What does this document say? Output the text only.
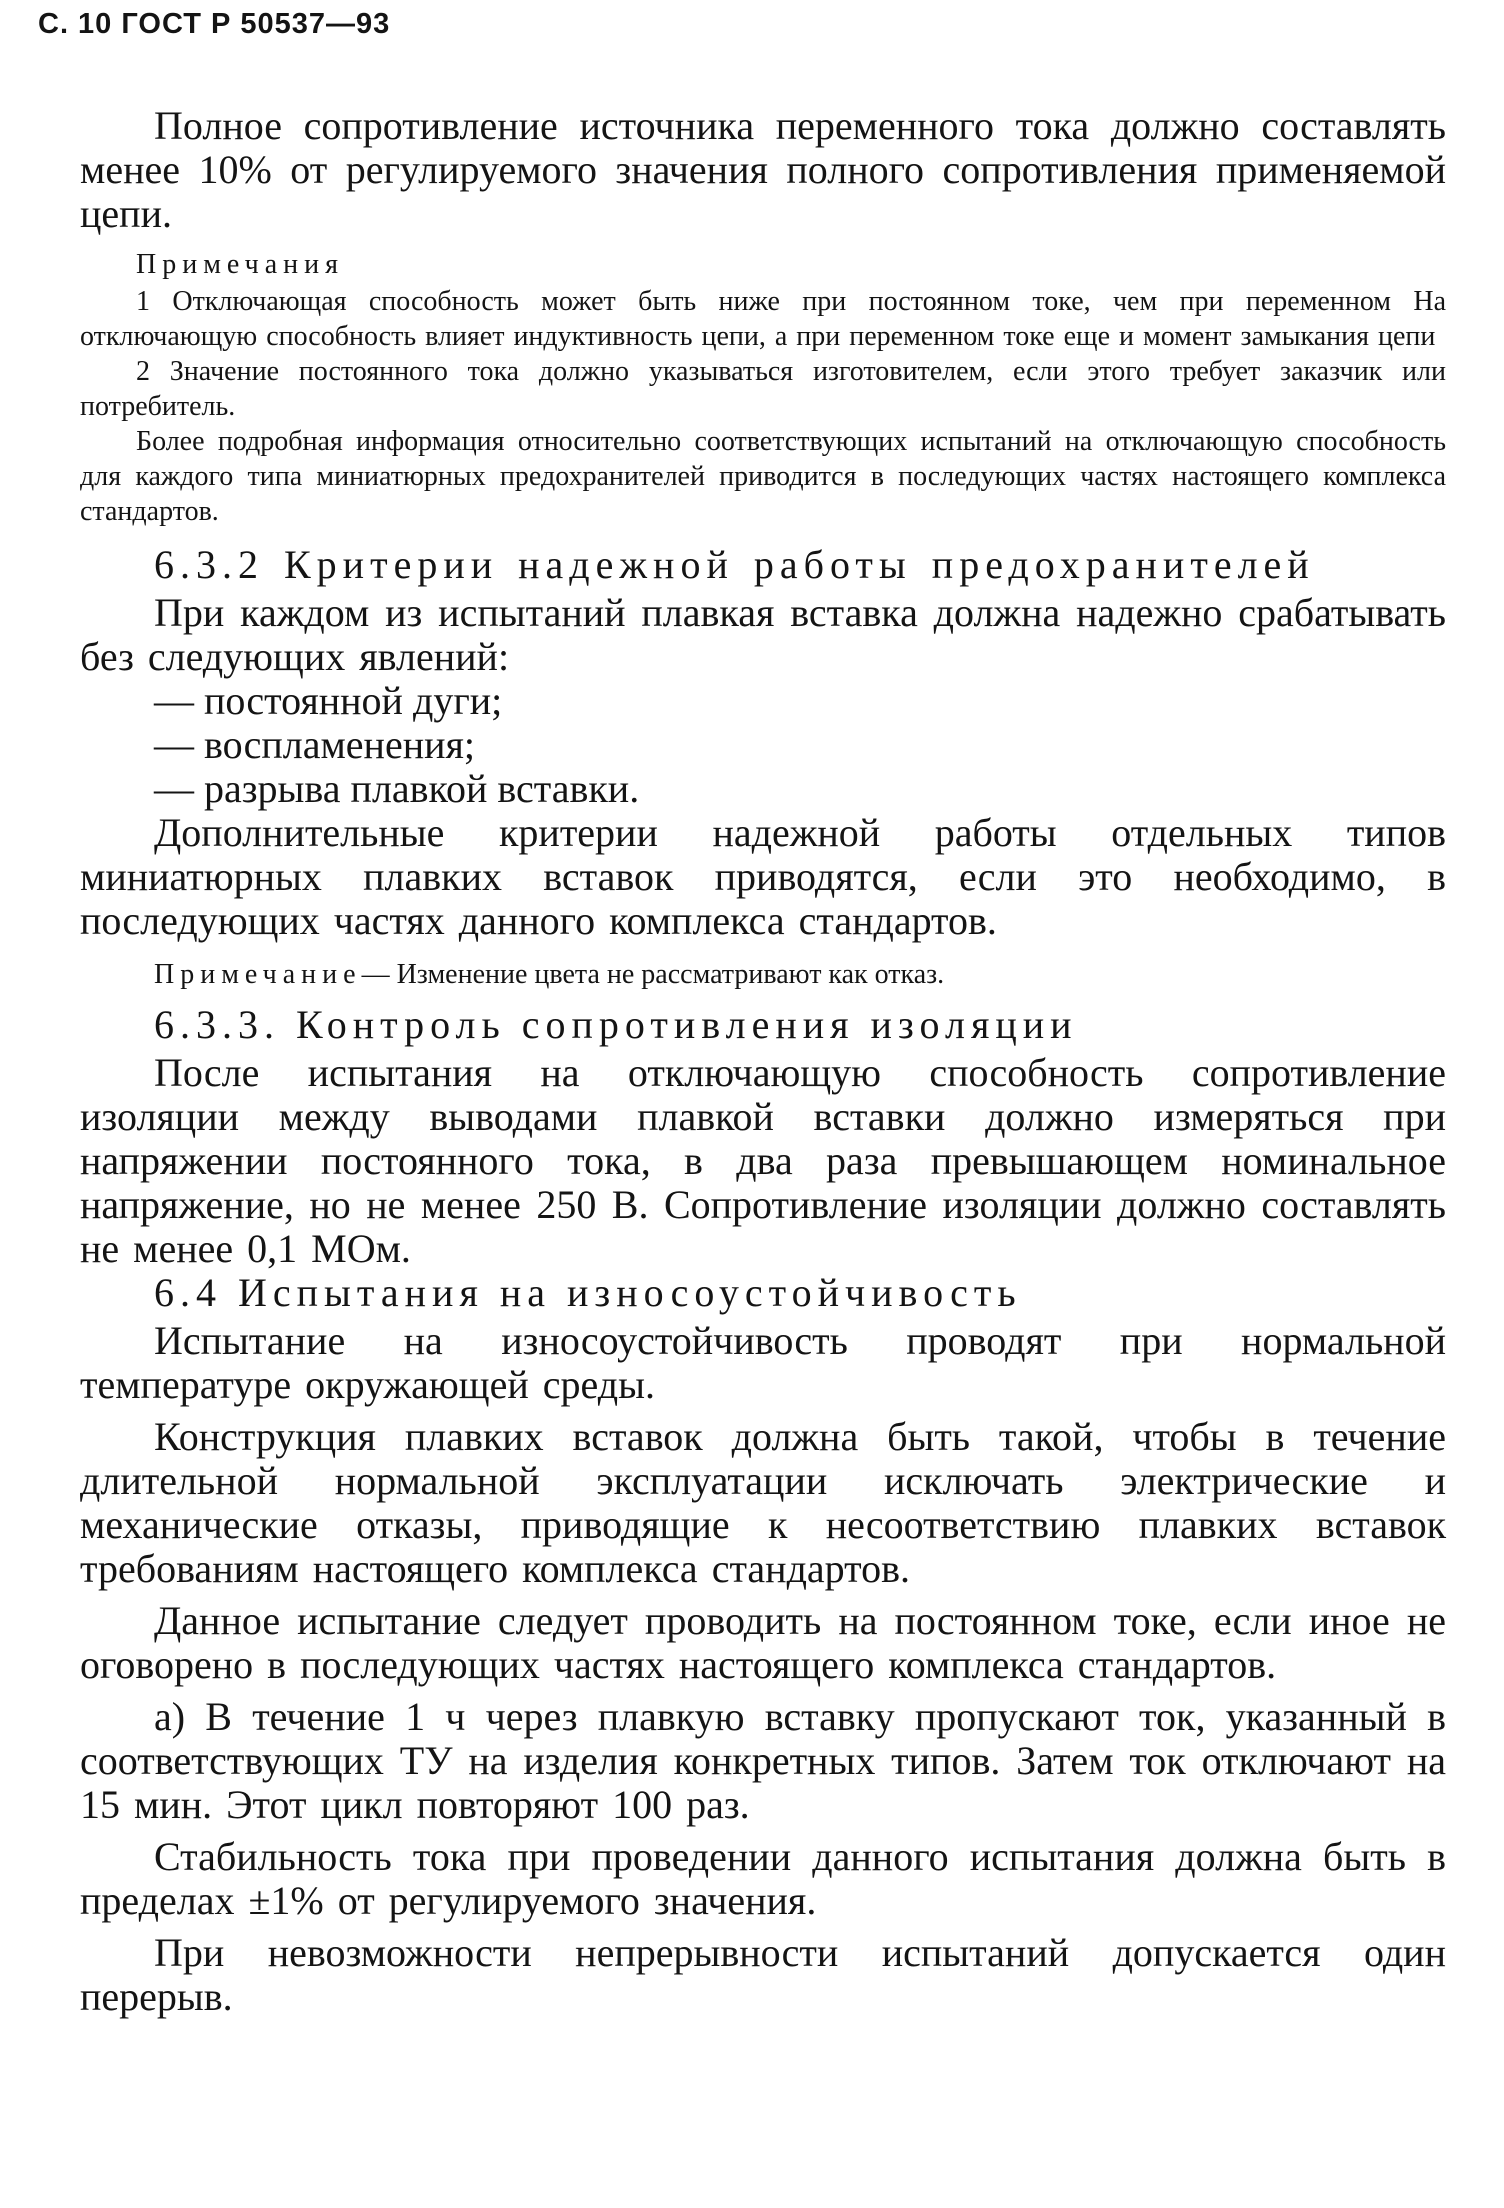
С. 10 ГОСТ Р 50537—93

Полное сопротивление источника переменного тока должно составлять менее 10% от регулируемого значения полного сопротивления применяемой цепи.

Примечания

1 Отключающая способность может быть ниже при постоянном токе, чем при переменном На отключающую способность влияет индуктивность цепи, а при переменном токе еще и момент замыкания цепи

2 Значение постоянного тока должно указываться изготовителем, если этого требует заказчик или потребитель.

Более подробная информация относительно соответствующих испытаний на отключающую способность для каждого типа миниатюрных предохранителей приводится в последующих частях настоящего комплекса стандартов.

6.3.2 Критерии надежной работы предохранителей

При каждом из испытаний плавкая вставка должна надежно срабатывать без следующих явлений:

— постоянной дуги;
— воспламенения;
— разрыва плавкой вставки.

Дополнительные критерии надежной работы отдельных типов миниатюрных плавких вставок приводятся, если это необходимо, в последующих частях данного комплекса стандартов.

Примечание— Изменение цвета не рассматривают как отказ.
6.3.3. Контроль сопротивления изоляции

После испытания на отключающую способность сопротивление изоляции между выводами плавкой вставки должно измеряться при напряжении постоянного тока, в два раза превышающем номинальное напряжение, но не менее 250 В. Сопротивление изоляции должно составлять не менее 0,1 МОм.

6.4 Испытания на износоустойчивость

Испытание на износоустойчивость проводят при нормальной температуре окружающей среды.

Конструкция плавких вставок должна быть такой, чтобы в течение длительной нормальной эксплуатации исключать электрические и механические отказы, приводящие к несоответствию плавких вставок требованиям настоящего комплекса стандартов.

Данное испытание следует проводить на постоянном токе, если иное не оговорено в последующих частях настоящего комплекса стандартов.

а) В течение 1 ч через плавкую вставку пропускают ток, указанный в соответствующих ТУ на изделия конкретных типов. Затем ток отключают на 15 мин. Этот цикл повторяют 100 раз.

Стабильность тока при проведении данного испытания должна быть в пределах ±1% от регулируемого значения.

При невозможности непрерывности испытаний допускается один перерыв.
